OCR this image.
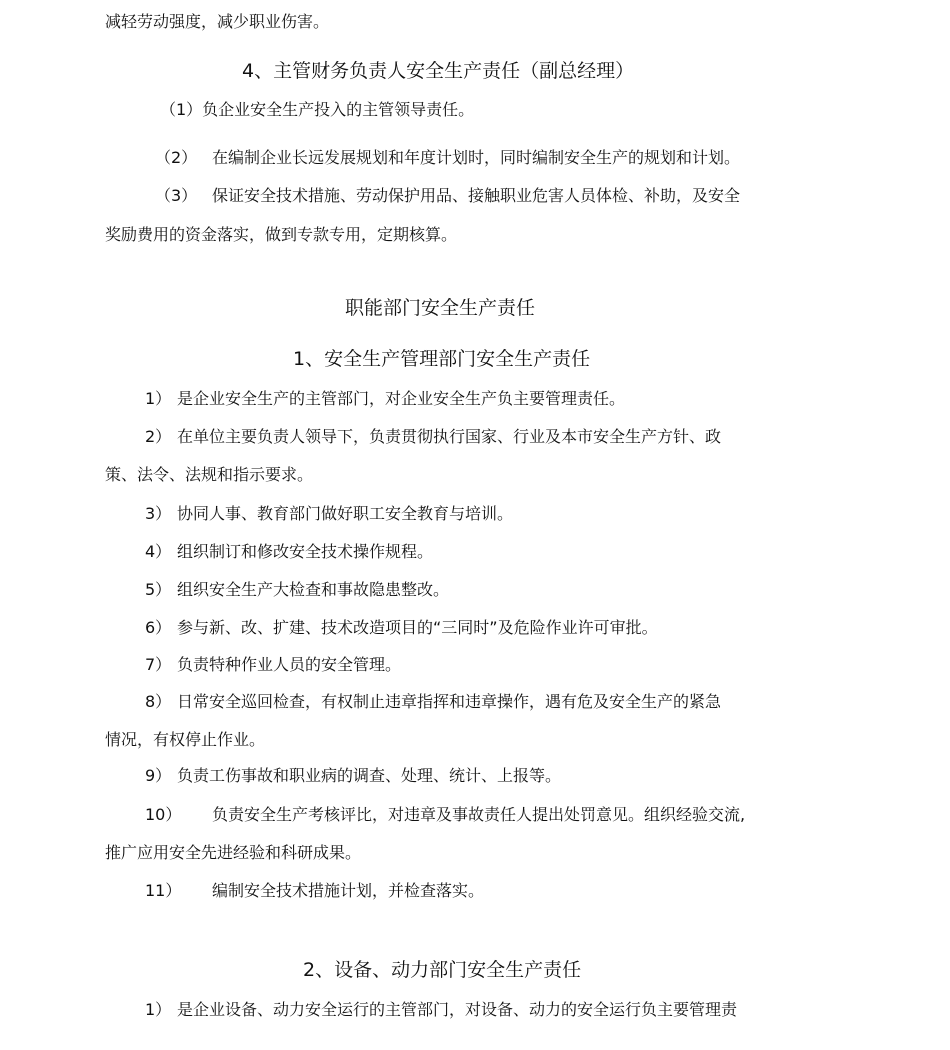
减轻劳动强度，减少职业伤害。
4、主管财务负责人安全生产责任（副总经理）
（1）负企业安全生产投入的主管领导责任。
（2） 在编制企业长远发展规划和年度计划时，同时编制安全生产的规划和计划。
（3） 保证安全技术措施、劳动保护用品、接触职业危害人员体检、补助，及安全
奖励费用的资金落实，做到专款专用，定期核算。
职能部门安全生产责任
1、安全生产管理部门安全生产责任
1） 是企业安全生产的主管部门，对企业安全生产负主要管理责任。
2） 在单位主要负责人领导下，负责贯彻执行国家、行业及本市安全生产方针、政
策、法令、法规和指示要求。
3） 协同人事、教育部门做好职工安全教育与培训。
4） 组织制订和修改安全技术操作规程。
5） 组织安全生产大检查和事故隐患整改。
6） 参与新、改、扩建、技术改造项目的“三同时”及危险作业许可审批。
7） 负责特种作业人员的安全管理。
8） 日常安全巡回检查，有权制止违章指挥和违章操作，遇有危及安全生产的紧急
情况，有权停止作业。
9） 负责工伤事故和职业病的调查、处理、统计、上报等。
10） 负责安全生产考核评比，对违章及事故责任人提出处罚意见。组织经验交流,
推广应用安全先进经验和科研成果。
11） 编制安全技术措施计划，并检查落实。
2、设备、动力部门安全生产责任
1） 是企业设备、动力安全运行的主管部门，对设备、动力的安全运行负主要管理责
